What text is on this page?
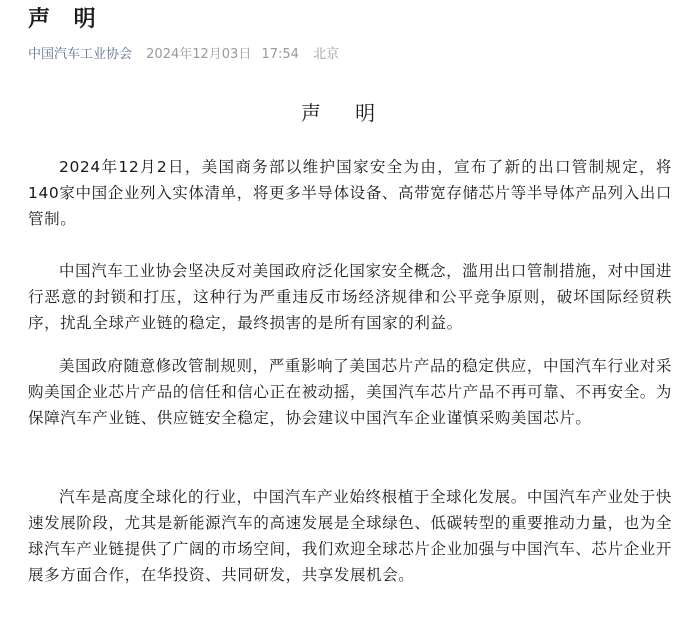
声 明
中国汽车工业协会 2024年12月03日 17:54 北京
声 明

2024年12月2日，美国商务部以维护国家安全为由，宣布了新的出口管制规定，将140家中国企业列入实体清单，将更多半导体设备、高带宽存储芯片等半导体产品列入出口管制。

中国汽车工业协会坚决反对美国政府泛化国家安全概念，滥用出口管制措施，对中国进行恶意的封锁和打压，这种行为严重违反市场经济规律和公平竞争原则，破坏国际经贸秩序，扰乱全球产业链的稳定，最终损害的是所有国家的利益。

美国政府随意修改管制规则，严重影响了美国芯片产品的稳定供应，中国汽车行业对采购美国企业芯片产品的信任和信心正在被动摇，美国汽车芯片产品不再可靠、不再安全。为保障汽车产业链、供应链安全稳定，协会建议中国汽车企业谨慎采购美国芯片。

汽车是高度全球化的行业，中国汽车产业始终根植于全球化发展。中国汽车产业处于快速发展阶段，尤其是新能源汽车的高速发展是全球绿色、低碳转型的重要推动力量，也为全球汽车产业链提供了广阔的市场空间，我们欢迎全球芯片企业加强与中国汽车、芯片企业开展多方面合作，在华投资、共同研发，共享发展机会。
